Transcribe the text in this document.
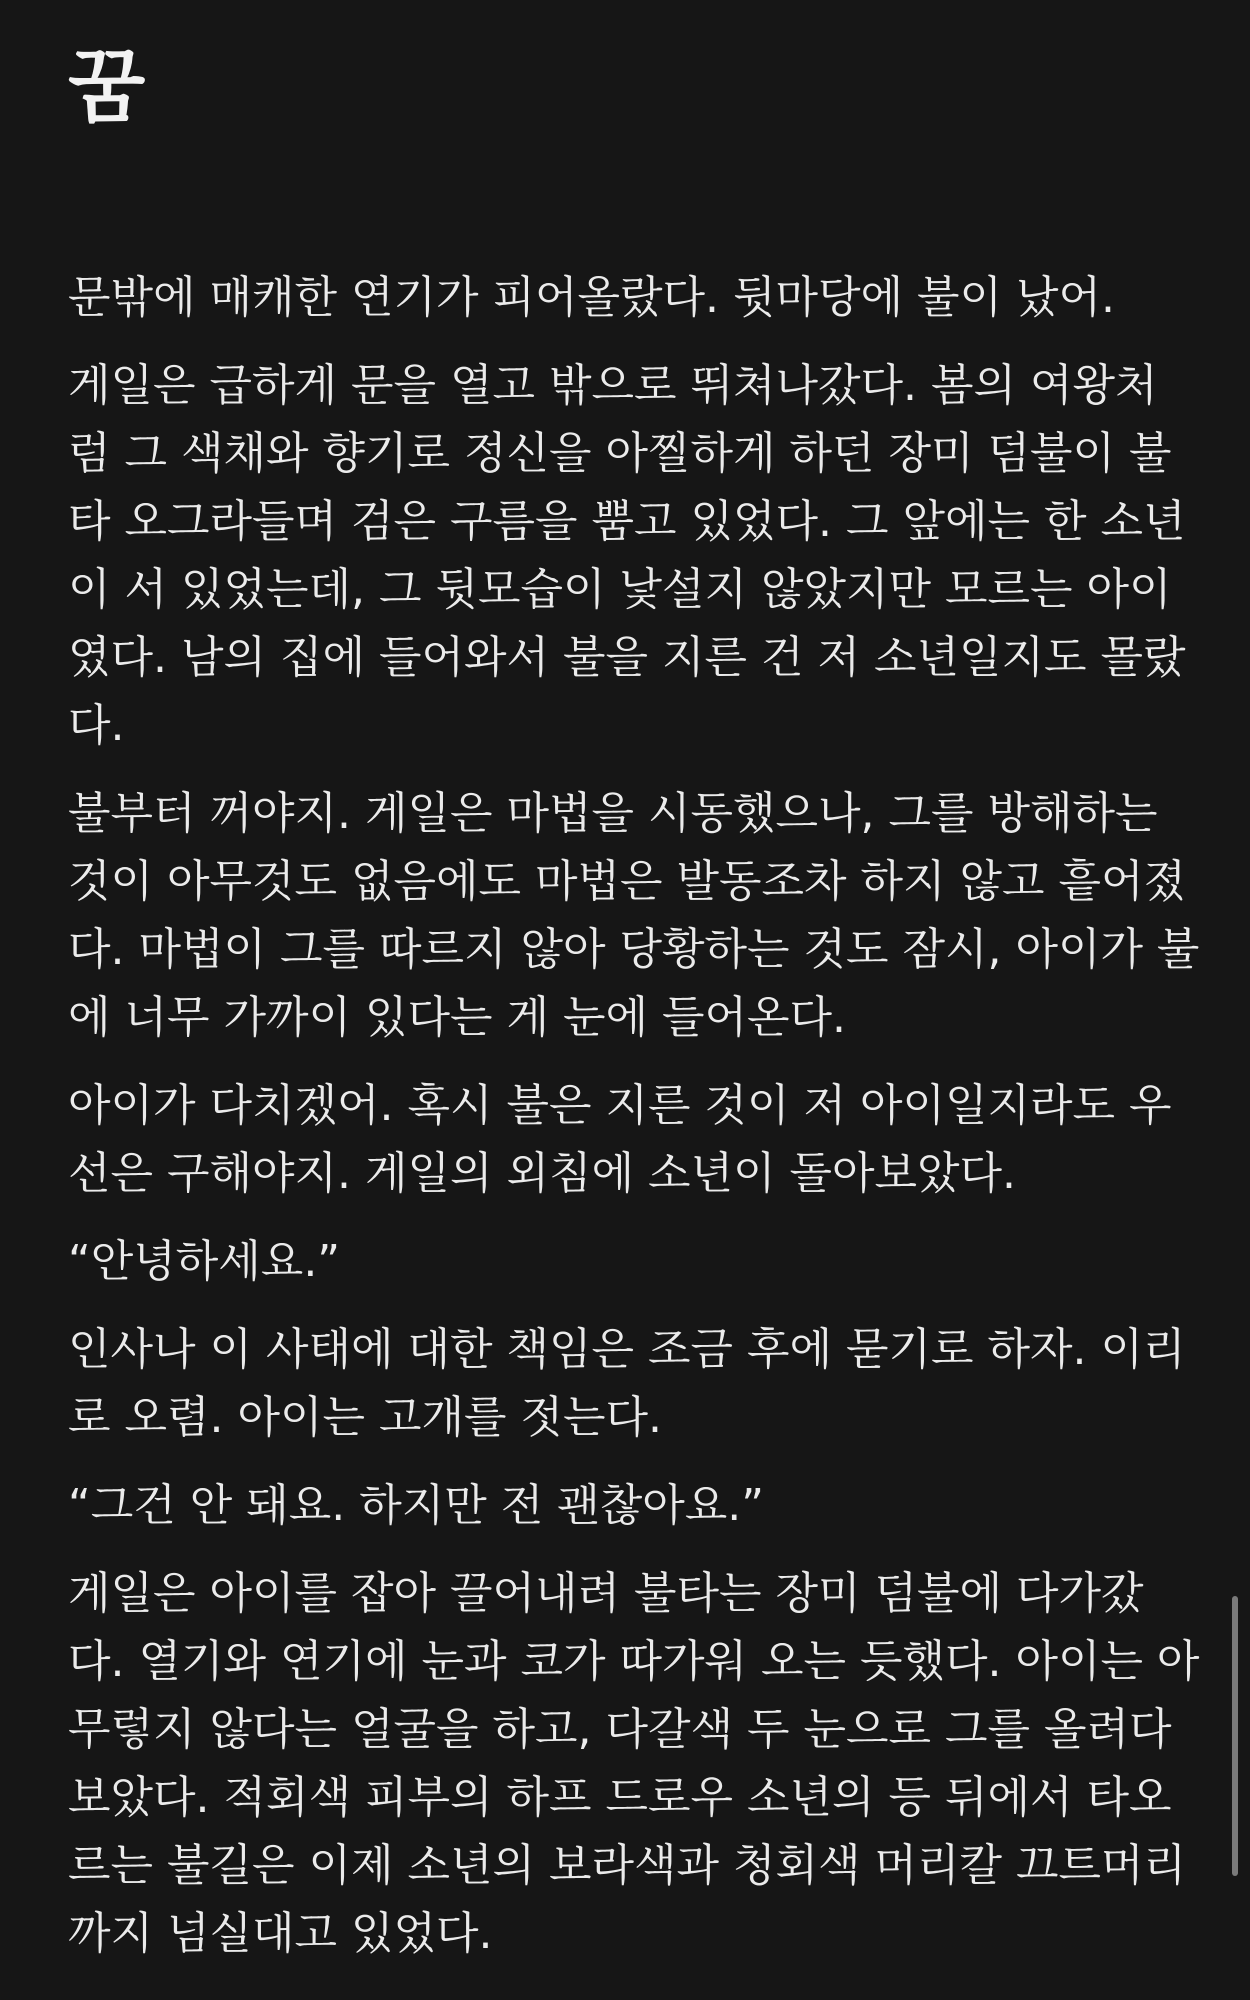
꿈

문밖에 매캐한 연기가 피어올랐다. 뒷마당에 불이 났어.

게일은 급하게 문을 열고 밖으로 뛰쳐나갔다. 봄의 여왕처
럼 그 색채와 향기로 정신을 아찔하게 하던 장미 덤불이 불
타 오그라들며 검은 구름을 뿜고 있었다. 그 앞에는 한 소년
이 서 있었는데, 그 뒷모습이 낯설지 않았지만 모르는 아이
였다. 남의 집에 들어와서 불을 지른 건 저 소년일지도 몰랐
다.

불부터 꺼야지. 게일은 마법을 시동했으나, 그를 방해하는
것이 아무것도 없음에도 마법은 발동조차 하지 않고 흩어졌
다. 마법이 그를 따르지 않아 당황하는 것도 잠시, 아이가 불
에 너무 가까이 있다는 게 눈에 들어온다.

아이가 다치겠어. 혹시 불은 지른 것이 저 아이일지라도 우
선은 구해야지. 게일의 외침에 소년이 돌아보았다.

“안녕하세요.”

인사나 이 사태에 대한 책임은 조금 후에 묻기로 하자. 이리
로 오렴. 아이는 고개를 젓는다.

“그건 안 돼요. 하지만 전 괜찮아요.”

게일은 아이를 잡아 끌어내려 불타는 장미 덤불에 다가갔
다. 열기와 연기에 눈과 코가 따가워 오는 듯했다. 아이는 아
무렇지 않다는 얼굴을 하고, 다갈색 두 눈으로 그를 올려다
보았다. 적회색 피부의 하프 드로우 소년의 등 뒤에서 타오
르는 불길은 이제 소년의 보라색과 청회색 머리칼 끄트머리
까지 넘실대고 있었다.
